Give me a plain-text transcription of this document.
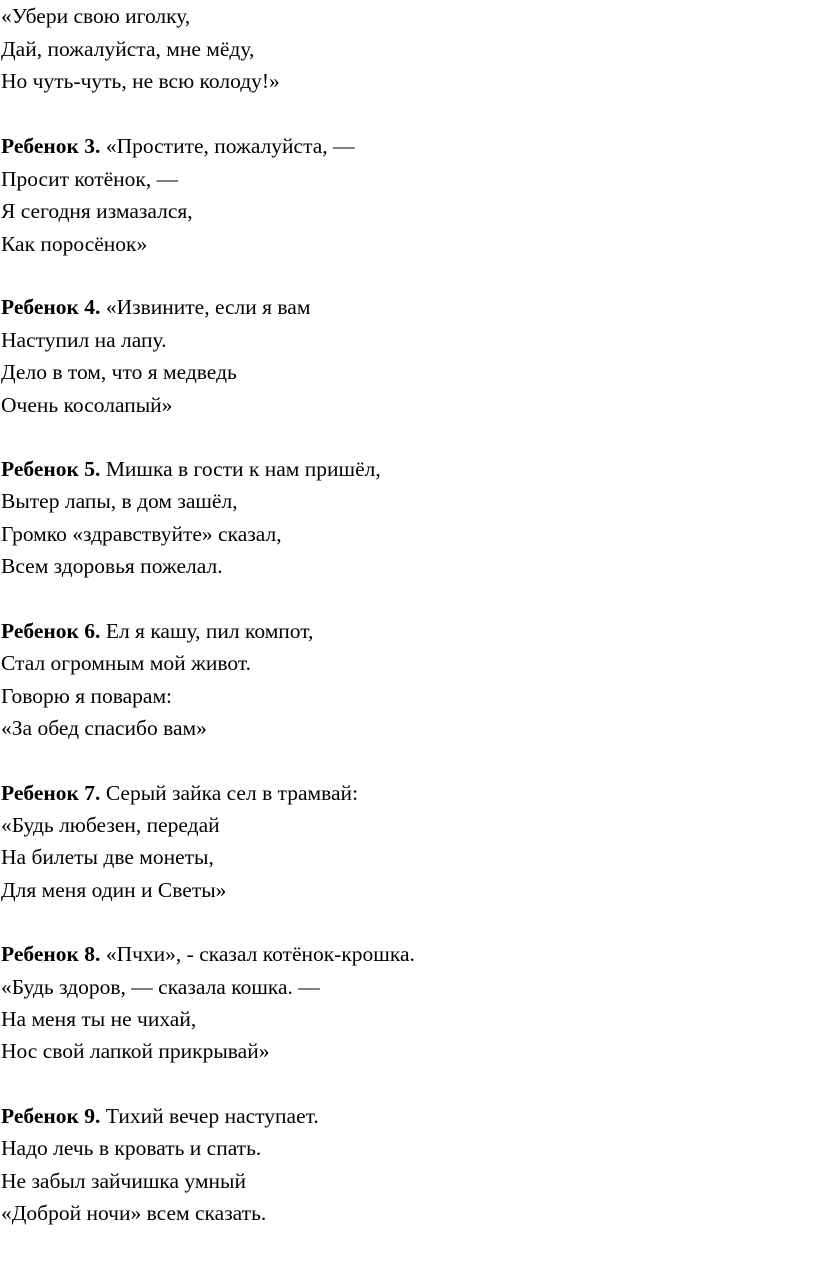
«Убери свою иголку,
Дай, пожалуйста, мне мёду,
Но чуть-чуть, не всю колоду!»
Ребенок 3. «Простите, пожалуйста, —
Просит котёнок, —
Я сегодня измазался,
Как поросёнок»
Ребенок 4. «Извините, если я вам
Наступил на лапу.
Дело в том, что я медведь
Очень косолапый»
Ребенок 5. Мишка в гости к нам пришёл,
Вытер лапы, в дом зашёл,
Громко «здравствуйте» сказал,
Всем здоровья пожелал.
Ребенок 6. Ел я кашу, пил компот,
Стал огромным мой живот.
Говорю я поварам:
«За обед спасибо вам»
Ребенок 7. Серый зайка сел в трамвай:
«Будь любезен, передай
На билеты две монеты,
Для меня один и Светы»
Ребенок 8. «Пчхи», - сказал котёнок-крошка.
«Будь здоров, — сказала кошка. —
На меня ты не чихай,
Нос свой лапкой прикрывай»
Ребенок 9. Тихий вечер наступает.
Надо лечь в кровать и спать.
Не забыл зайчишка умный
«Доброй ночи» всем сказать.
